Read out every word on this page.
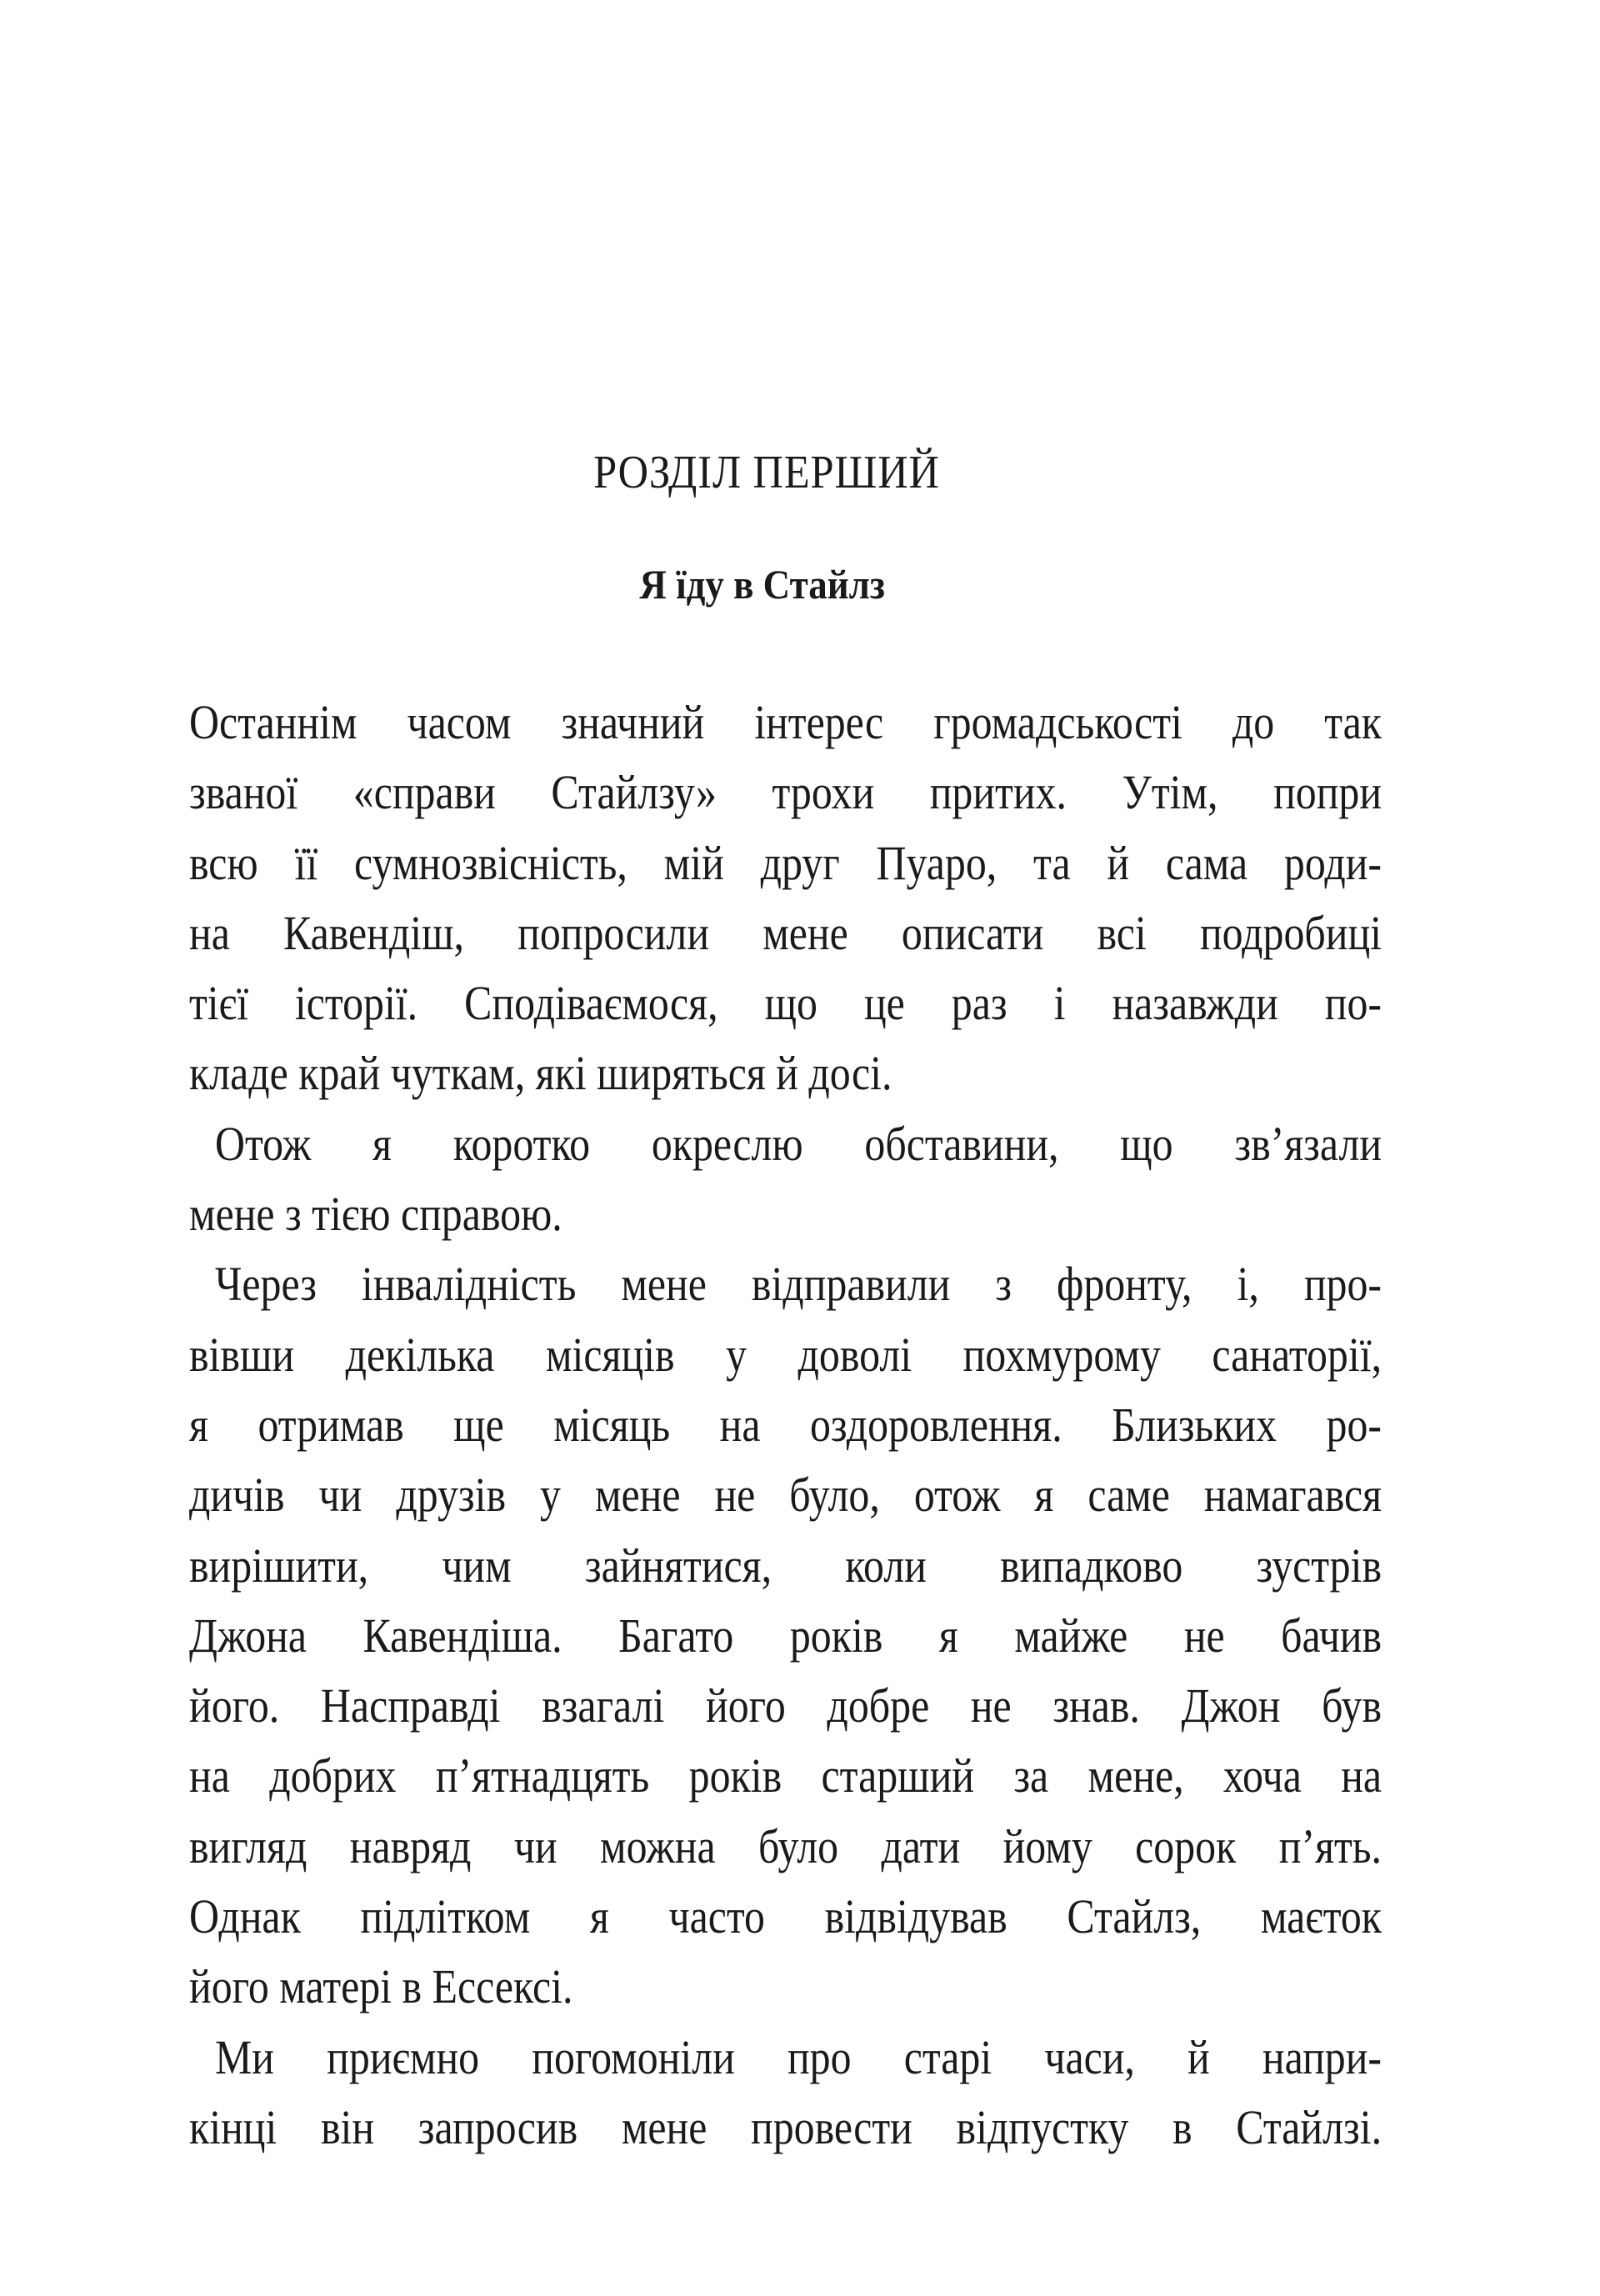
РОЗДІЛ ПЕРШИЙ
Я їду в Стайлз
Останнім часом значний інтерес громадськості до так
званої «справи Стайлзу» трохи притих. Утім, попри
всю її сумнозвісність, мій друг Пуаро, та й сама роди-
на Кавендіш, попросили мене описати всі подробиці
тієї історії. Сподіваємося, що це раз і назавжди по-
кладе край чуткам, які ширяться й досі.
Отож я коротко окреслю обставини, що зв’язали
мене з тією справою.
Через інвалідність мене відправили з фронту, і, про-
вівши декілька місяців у доволі похмурому санаторії,
я отримав ще місяць на оздоровлення. Близьких ро-
дичів чи друзів у мене не було, отож я саме намагався
вирішити, чим зайнятися, коли випадково зустрів
Джона Кавендіша. Багато років я майже не бачив
його. Насправді взагалі його добре не знав. Джон був
на добрих п’ятнадцять років старший за мене, хоча на
вигляд навряд чи можна було дати йому сорок п’ять.
Однак підлітком я часто відвідував Стайлз, маєток
його матері в Ессексі.
Ми приємно погомоніли про старі часи, й напри-
кінці він запросив мене провести відпустку в Стайлзі.
